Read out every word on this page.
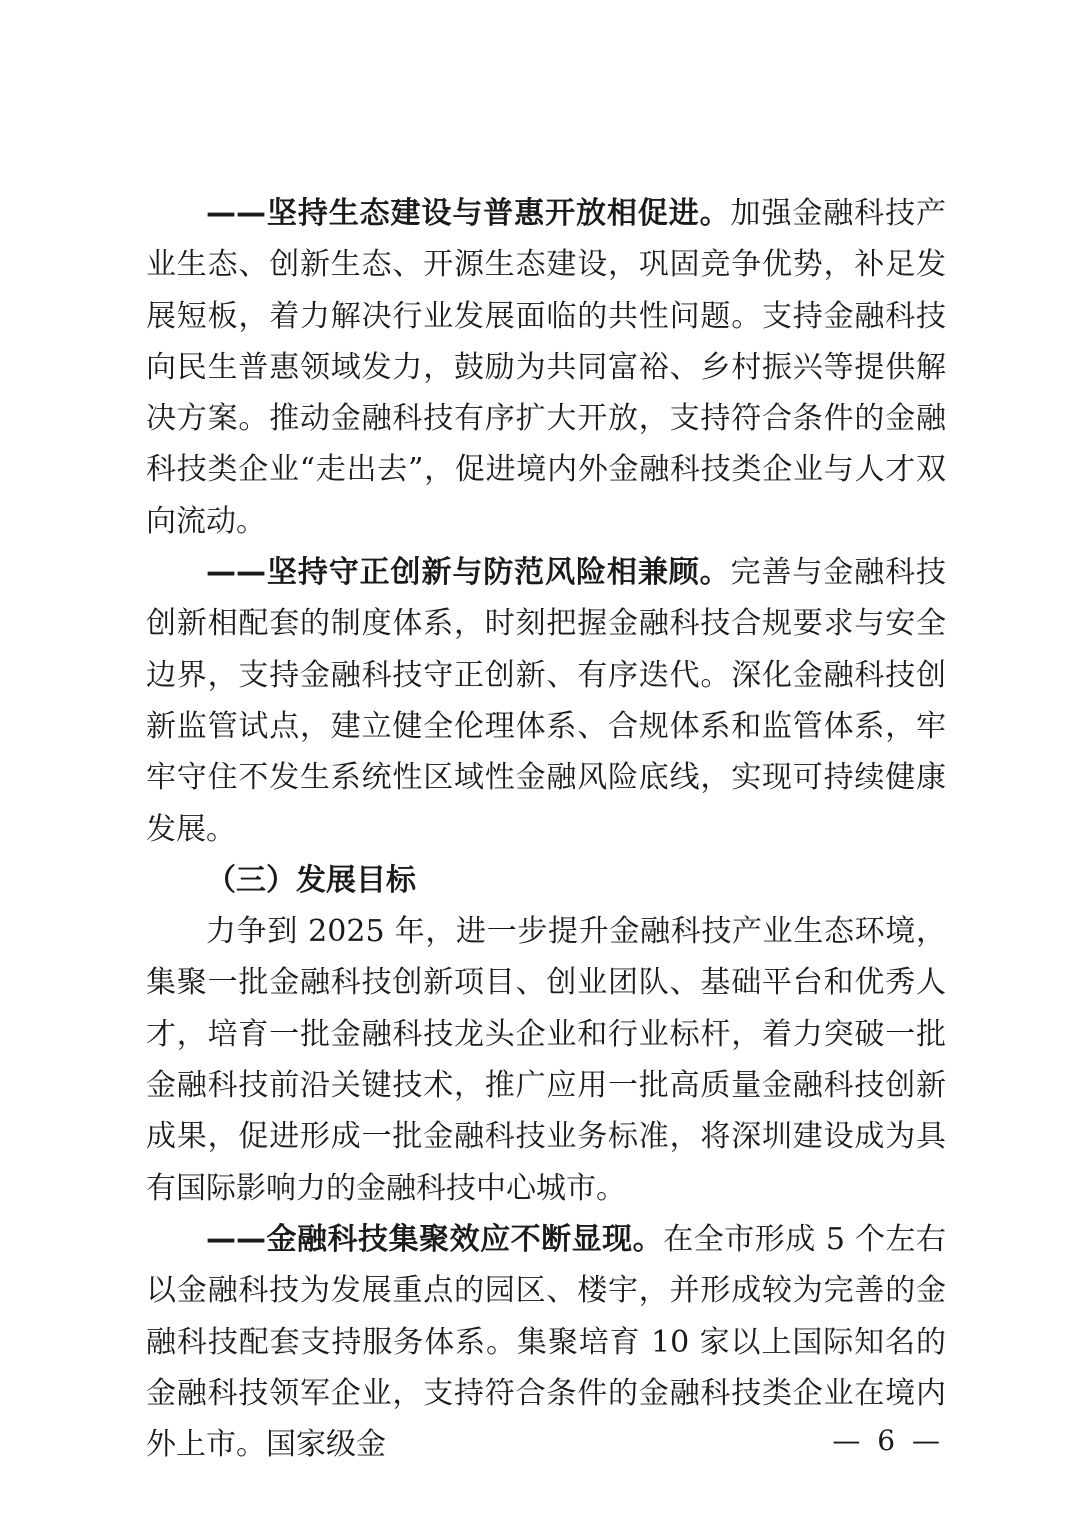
——坚持生态建设与普惠开放相促进。加强金融科技产业生态、创新生态、开源生态建设，巩固竞争优势，补足发展短板，着力解决行业发展面临的共性问题。支持金融科技向民生普惠领域发力，鼓励为共同富裕、乡村振兴等提供解决方案。推动金融科技有序扩大开放，支持符合条件的金融科技类企业“走出去”，促进境内外金融科技类企业与人才双向流动。

——坚持守正创新与防范风险相兼顾。完善与金融科技创新相配套的制度体系，时刻把握金融科技合规要求与安全边界，支持金融科技守正创新、有序迭代。深化金融科技创新监管试点，建立健全伦理体系、合规体系和监管体系，牢牢守住不发生系统性区域性金融风险底线，实现可持续健康发展。

（三）发展目标

力争到 2025 年，进一步提升金融科技产业生态环境，集聚一批金融科技创新项目、创业团队、基础平台和优秀人才，培育一批金融科技龙头企业和行业标杆，着力突破一批金融科技前沿关键技术，推广应用一批高质量金融科技创新成果，促进形成一批金融科技业务标准，将深圳建设成为具有国际影响力的金融科技中心城市。

——金融科技集聚效应不断显现。在全市形成 5 个左右以金融科技为发展重点的园区、楼宇，并形成较为完善的金融科技配套支持服务体系。集聚培育 10 家以上国际知名的金融科技领军企业，支持符合条件的金融科技类企业在境内外上市。国家级金	— 6 —
